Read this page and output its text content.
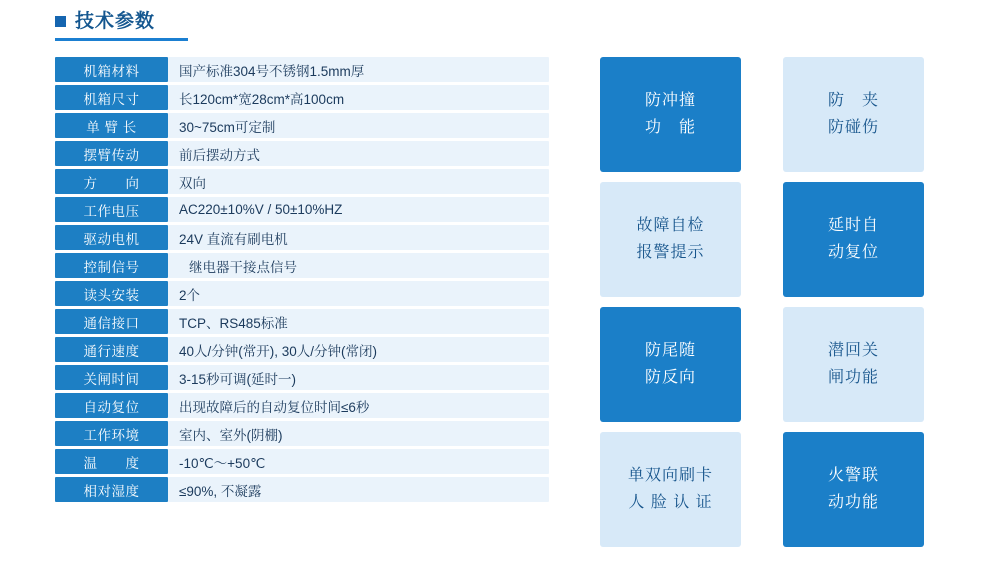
技术参数
机箱材料	国产标准304号不锈钢1.5mm厚
机箱尺寸	长120cm*宽28cm*高100cm
单 臂 长	30~75cm可定制
摆臂传动	前后摆动方式
方　　向	双向
工作电压	AC220±10%V / 50±10%HZ
驱动电机	24V 直流有刷电机
控制信号	继电器干接点信号
读头安装	2个
通信接口	TCP、RS485标准
通行速度	40人/分钟(常开), 30人/分钟(常闭)
关闸时间	3-15秒可调(延时一)
自动复位	出现故障后的自动复位时间≤6秒
工作环境	室内、室外(阴棚)
温　　度	-10℃～+50℃
相对湿度	≤90%, 不凝露
防冲撞
功　能
防　夹
防碰伤
故障自检
报警提示
延时自
动复位
防尾随
防反向
潜回关
闸功能
单双向刷卡
人 脸 认 证
火警联
动功能
